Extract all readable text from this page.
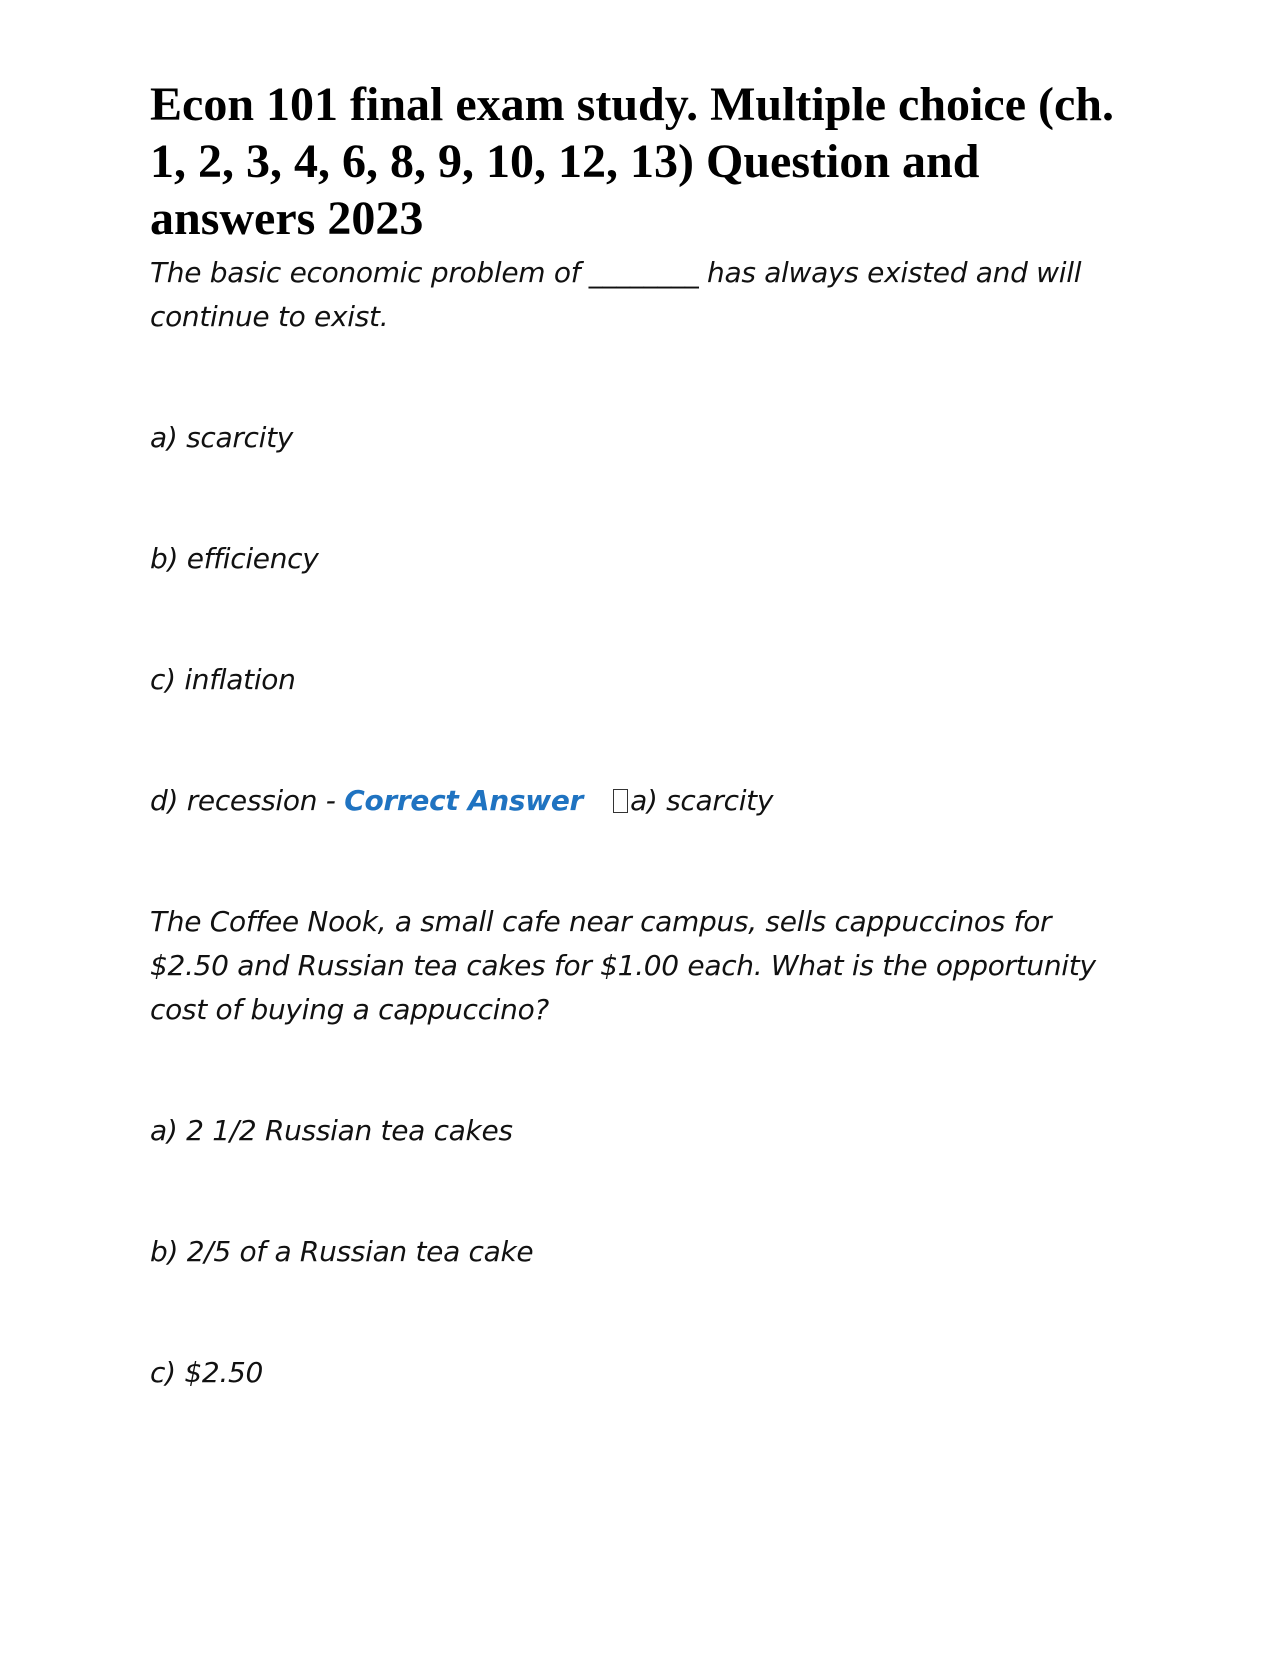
Econ 101 final exam study. Multiple choice (ch. 1, 2, 3, 4, 6, 8, 9, 10, 12, 13) Question and answers 2023

The basic economic problem of ________ has always existed and will continue to exist.

a) scarcity

b) efficiency

c) inflation

d) recession - Correct Answer a) scarcity

The Coffee Nook, a small cafe near campus, sells cappuccinos for $2.50 and Russian tea cakes for $1.00 each. What is the opportunity cost of buying a cappuccino?

a) 2 1/2 Russian tea cakes

b) 2/5 of a Russian tea cake

c) $2.50
